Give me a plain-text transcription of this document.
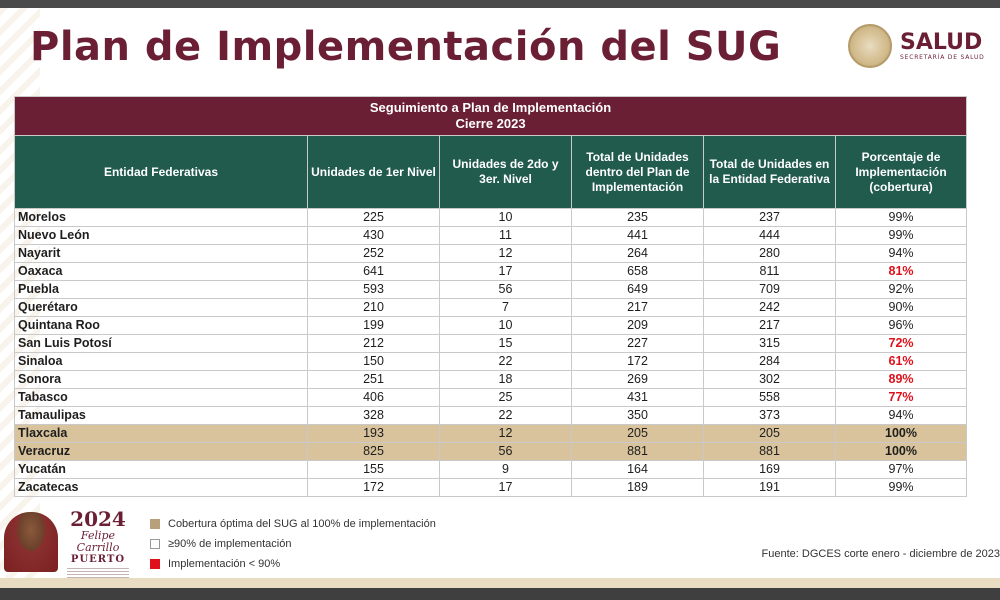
Plan de Implementación del SUG	SALUD
SECRETARÍA DE SALUD
Seguimiento a Plan de Implementación
Cierre 2023					
Entidad Federativas	Unidades de 1er Nivel	Unidades de 2do y 3er. Nivel	Total de Unidades dentro del Plan de Implementación	Total de Unidades en la Entidad Federativa	Porcentaje de Implementación (cobertura)
Morelos	225	10	235	237	99%
Nuevo León	430	11	441	444	99%
Nayarit	252	12	264	280	94%
Oaxaca	641	17	658	811	81%
Puebla	593	56	649	709	92%
Querétaro	210	7	217	242	90%
Quintana Roo	199	10	209	217	96%
San Luis Potosí	212	15	227	315	72%
Sinaloa	150	22	172	284	61%
Sonora	251	18	269	302	89%
Tabasco	406	25	431	558	77%
Tamaulipas	328	22	350	373	94%
Tlaxcala	193	12	205	205	100%
Veracruz	825	56	881	881	100%
Yucatán	155	9	164	169	97%
Zacatecas	172	17	189	191	99%
2024
Felipe Carrillo
PUERTO
Cobertura óptima del SUG al 100% de implementación
≥90% de implementación
Implementación < 90%
Fuente: DGCES corte enero - diciembre de 2023
